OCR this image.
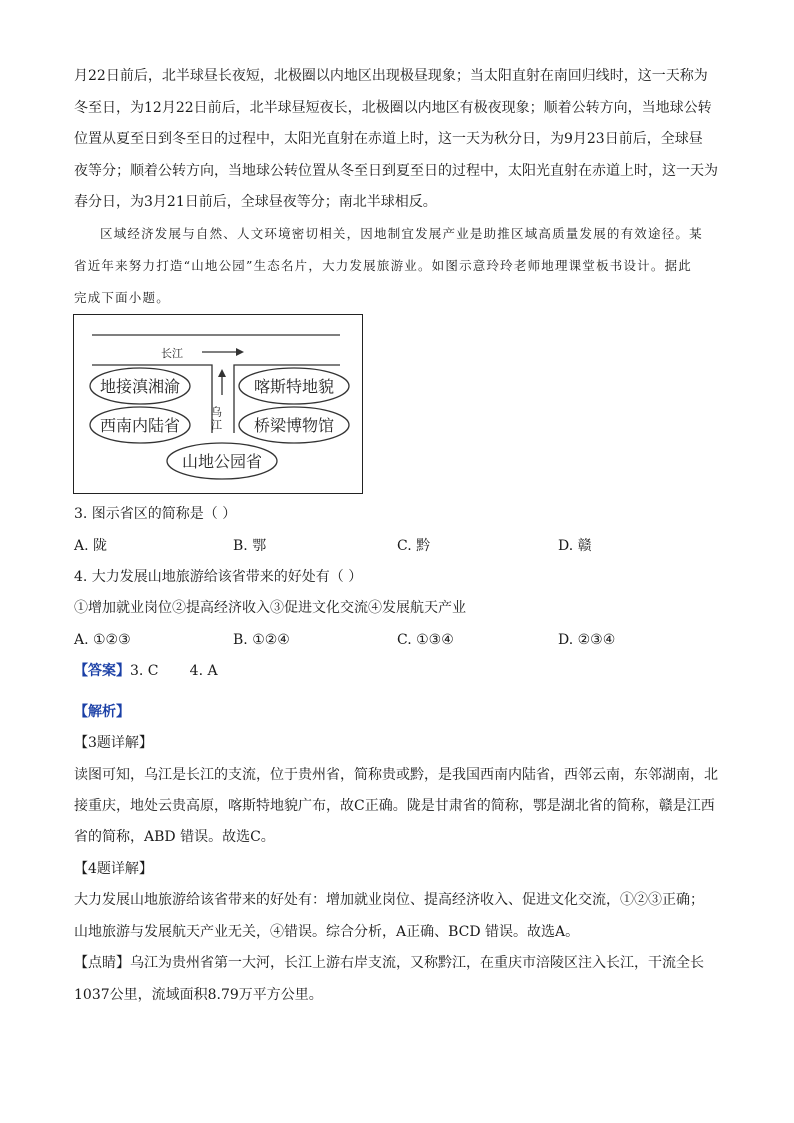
月22日前后，北半球昼长夜短，北极圈以内地区出现极昼现象；当太阳直射在南回归线时，这一天称为
冬至日，为12月22日前后，北半球昼短夜长，北极圈以内地区有极夜现象；顺着公转方向，当地球公转
位置从夏至日到冬至日的过程中，太阳光直射在赤道上时，这一天为秋分日，为9月23日前后，全球昼
夜等分；顺着公转方向，当地球公转位置从冬至日到夏至日的过程中，太阳光直射在赤道上时，这一天为
春分日，为3月21日前后，全球昼夜等分；南北半球相反。
区域经济发展与自然、人文环境密切相关，因地制宜发展产业是助推区域高质量发展的有效途径。某
省近年来努力打造“山地公园”生态名片，大力发展旅游业。如图示意玲玲老师地理课堂板书设计。据此
完成下面小题。
长江
乌江
地接滇湘渝
西南内陆省
喀斯特地貌
桥梁博物馆
山地公园省
3. 图示省区的简称是（ ）
A. 陇	B. 鄂	C. 黔	D. 赣
4. 大力发展山地旅游给该省带来的好处有（ ）
①增加就业岗位②提高经济收入③促进文化交流④发展航天产业
A. ①②③	B. ①②④	C. ①③④	D. ②③④
【答案】3. C       4. A
【解析】
【3题详解】
读图可知，乌江是长江的支流，位于贵州省，简称贵或黔，是我国西南内陆省，西邻云南，东邻湖南，北
接重庆，地处云贵高原，喀斯特地貌广布，故C正确。陇是甘肃省的简称，鄂是湖北省的简称，赣是江西
省的简称，ABD 错误。故选C。
【4题详解】
大力发展山地旅游给该省带来的好处有：增加就业岗位、提高经济收入、促进文化交流，①②③正确；
山地旅游与发展航天产业无关，④错误。综合分析，A正确、BCD 错误。故选A。
【点睛】乌江为贵州省第一大河，长江上游右岸支流，又称黔江，在重庆市涪陵区注入长江，干流全长
1037公里，流域面积8.79万平方公里。
